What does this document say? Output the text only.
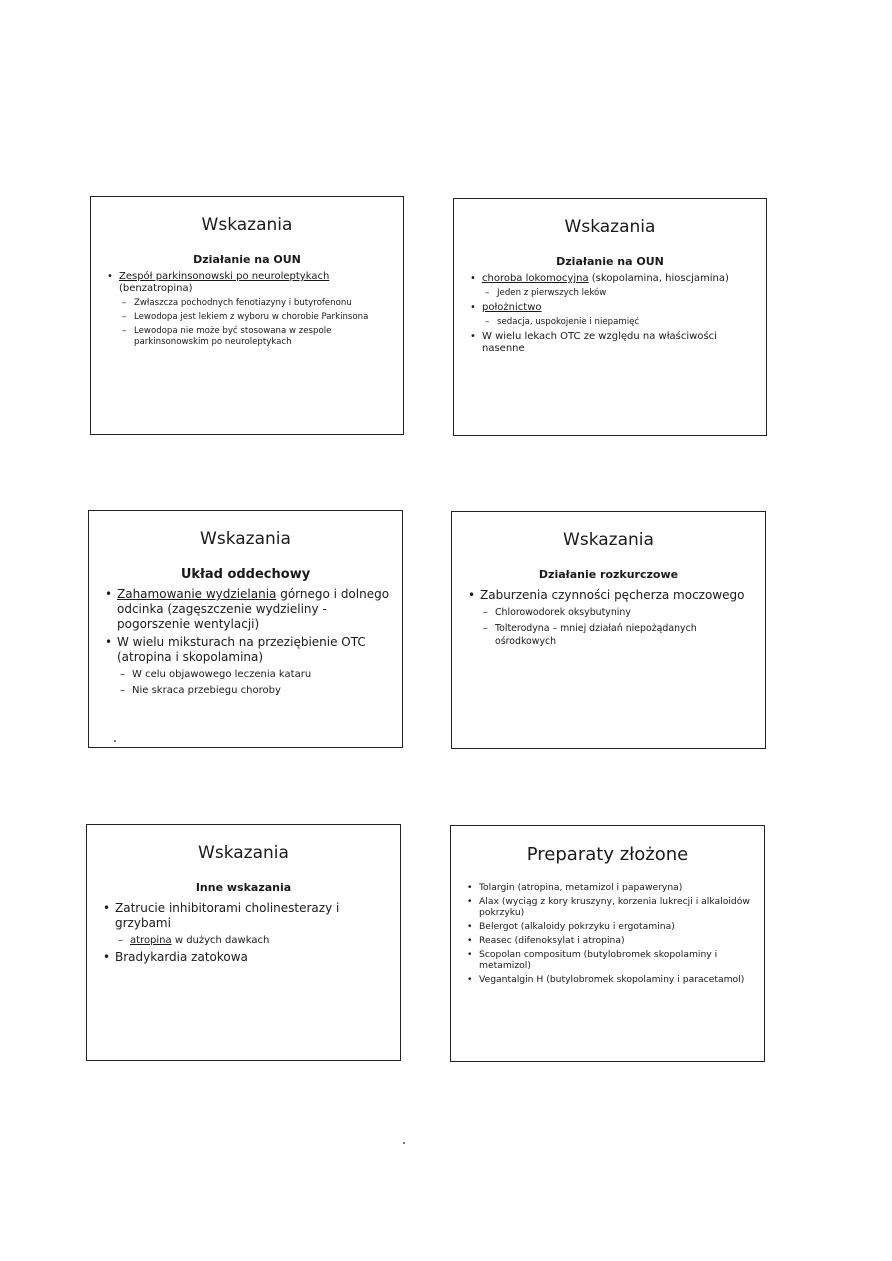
Wskazania
Działanie na OUN
• Zespół parkinsonowski po neuroleptykach
(benzatropina)
– Zwłaszcza pochodnych fenotiazyny i butyrofenonu
– Lewodopa jest lekiem z wyboru w chorobie Parkinsona
– Lewodopa nie może być stosowana w zespole parkinsonowskim po neuroleptykach
Wskazania
Działanie na OUN
• choroba lokomocyjna (skopolamina, hioscjamina)
– Jeden z pierwszych leków
• położnictwo
– sedacja, uspokojenie i niepamięć
• W wielu lekach OTC ze względu na właściwości nasenne
Wskazania
Układ oddechowy
• Zahamowanie wydzielania górnego i dolnego odcinka (zagęszczenie wydzieliny - pogorszenie wentylacji)
• W wielu miksturach na przeziębienie OTC (atropina i skopolamina)
– W celu objawowego leczenia kataru
– Nie skraca przebiegu choroby
Wskazania
Działanie rozkurczowe
• Zaburzenia czynności pęcherza moczowego
– Chlorowodorek oksybutyniny
– Tolterodyna – mniej działań niepożądanych ośrodkowych
Wskazania
Inne wskazania
• Zatrucie inhibitorami cholinesterazy i grzybami
– atropina w dużych dawkach
• Bradykardia zatokowa
Preparaty złożone
• Tolargin (atropina, metamizol i papaweryna)
• Alax (wyciąg z kory kruszyny, korzenia lukrecji i alkaloidów pokrzyku)
• Belergot (alkaloidy pokrzyku i ergotamina)
• Reasec (difenoksylat i atropina)
• Scopolan compositum (butylobromek skopolaminy i metamizol)
• Vegantalgin H (butylobromek skopolaminy i paracetamol)
